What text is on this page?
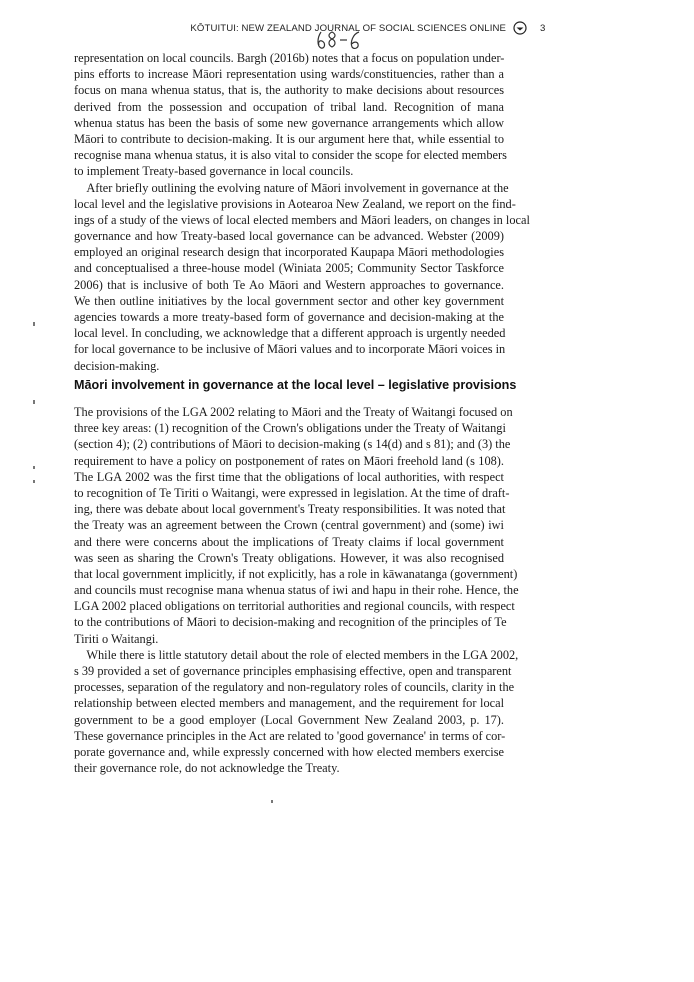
KŌTUITUI: NEW ZEALAND JOURNAL OF SOCIAL SCIENCES ONLINE	3
representation on local councils. Bargh (2016b) notes that a focus on population under-
pins efforts to increase Māori representation using wards/constituencies, rather than a
focus on mana whenua status, that is, the authority to make decisions about resources
derived from the possession and occupation of tribal land. Recognition of mana
whenua status has been the basis of some new governance arrangements which allow
Māori to contribute to decision-making. It is our argument here that, while essential to
recognise mana whenua status, it is also vital to consider the scope for elected members
to implement Treaty-based governance in local councils.
 After briefly outlining the evolving nature of Māori involvement in governance at the
local level and the legislative provisions in Aotearoa New Zealand, we report on the find-
ings of a study of the views of local elected members and Māori leaders, on changes in local
governance and how Treaty-based local governance can be advanced. Webster (2009)
employed an original research design that incorporated Kaupapa Māori methodologies
and conceptualised a three-house model (Winiata 2005; Community Sector Taskforce
2006) that is inclusive of both Te Ao Māori and Western approaches to governance.
We then outline initiatives by the local government sector and other key government
agencies towards a more treaty-based form of governance and decision-making at the
local level. In concluding, we acknowledge that a different approach is urgently needed
for local governance to be inclusive of Māori values and to incorporate Māori voices in
decision-making.
Māori involvement in governance at the local level – legislative provisions
The provisions of the LGA 2002 relating to Māori and the Treaty of Waitangi focused on
three key areas: (1) recognition of the Crown's obligations under the Treaty of Waitangi
(section 4); (2) contributions of Māori to decision-making (s 14(d) and s 81); and (3) the
requirement to have a policy on postponement of rates on Māori freehold land (s 108).
The LGA 2002 was the first time that the obligations of local authorities, with respect
to recognition of Te Tiriti o Waitangi, were expressed in legislation. At the time of draft-
ing, there was debate about local government's Treaty responsibilities. It was noted that
the Treaty was an agreement between the Crown (central government) and (some) iwi
and there were concerns about the implications of Treaty claims if local government
was seen as sharing the Crown's Treaty obligations. However, it was also recognised
that local government implicitly, if not explicitly, has a role in kāwanatanga (government)
and councils must recognise mana whenua status of iwi and hapu in their rohe. Hence, the
LGA 2002 placed obligations on territorial authorities and regional councils, with respect
to the contributions of Māori to decision-making and recognition of the principles of Te
Tiriti o Waitangi.
 While there is little statutory detail about the role of elected members in the LGA 2002,
s 39 provided a set of governance principles emphasising effective, open and transparent
processes, separation of the regulatory and non-regulatory roles of councils, clarity in the
relationship between elected members and management, and the requirement for local
government to be a good employer (Local Government New Zealand 2003, p. 17).
These governance principles in the Act are related to 'good governance' in terms of cor-
porate governance and, while expressly concerned with how elected members exercise
their governance role, do not acknowledge the Treaty.
